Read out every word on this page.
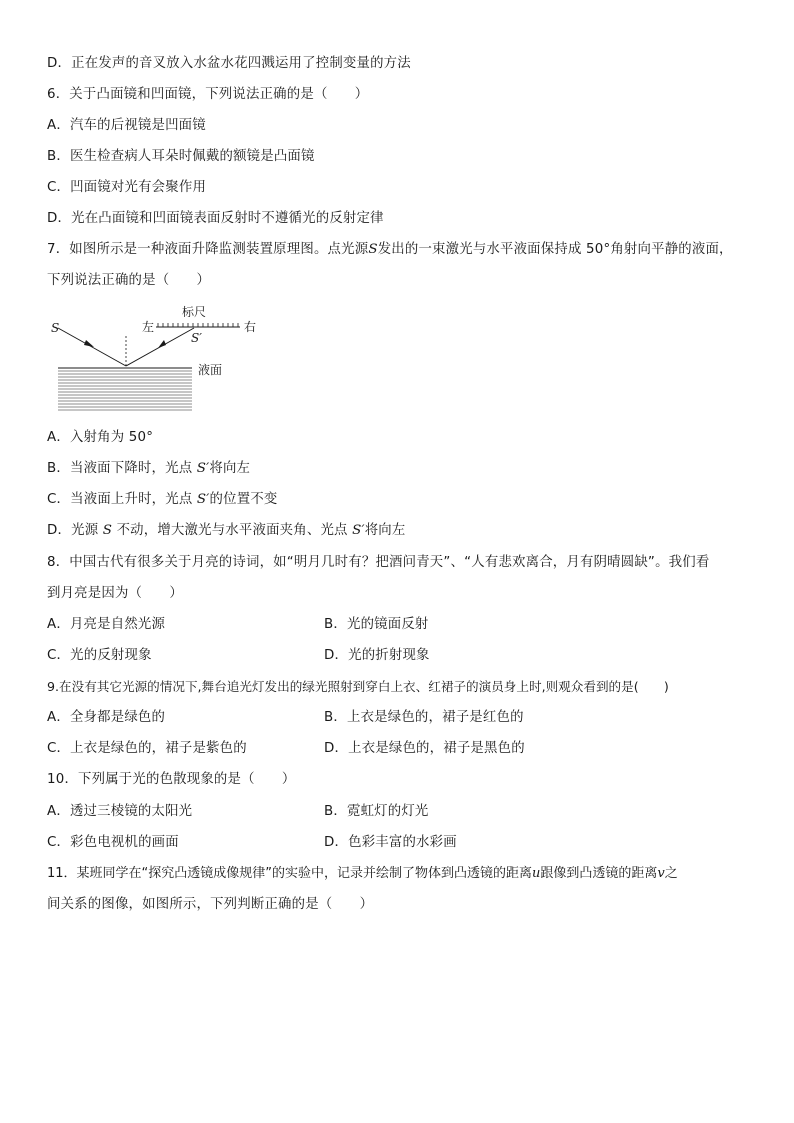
D．正在发声的音叉放入水盆水花四溅运用了控制变量的方法
6．关于凸面镜和凹面镜，下列说法正确的是（　　）
A．汽车的后视镜是凹面镜
B．医生检查病人耳朵时佩戴的额镜是凸面镜
C．凹面镜对光有会聚作用
D．光在凸面镜和凹面镜表面反射时不遵循光的反射定律
7．如图所示是一种液面升降监测装置原理图。点光源S发出的一束激光与水平液面保持成 50°角射向平静的液面，
下列说法正确的是（　　）
标尺
左	右
S
S′
液面
A．入射角为 50°
B．当液面下降时，光点 S′将向左
C．当液面上升时，光点 S′的位置不变
D．光源 S 不动，增大激光与水平液面夹角、光点 S′将向左
8．中国古代有很多关于月亮的诗词，如“明月几时有？把酒问青天”、“人有悲欢离合，月有阴晴圆缺”。我们看
到月亮是因为（　　）
A．月亮是自然光源	B．光的镜面反射
C．光的反射现象	D．光的折射现象
9.在没有其它光源的情况下,舞台追光灯发出的绿光照射到穿白上衣、红裙子的演员身上时,则观众看到的是(　　)
A．全身都是绿色的	B．上衣是绿色的，裙子是红色的
C．上衣是绿色的，裙子是紫色的	D．上衣是绿色的，裙子是黑色的
10．下列属于光的色散现象的是（　　）
A．透过三棱镜的太阳光	B．霓虹灯的灯光
C．彩色电视机的画面	D．色彩丰富的水彩画
11．某班同学在“探究凸透镜成像规律”的实验中，记录并绘制了物体到凸透镜的距离u跟像到凸透镜的距离v之
间关系的图像，如图所示，下列判断正确的是（　　）
